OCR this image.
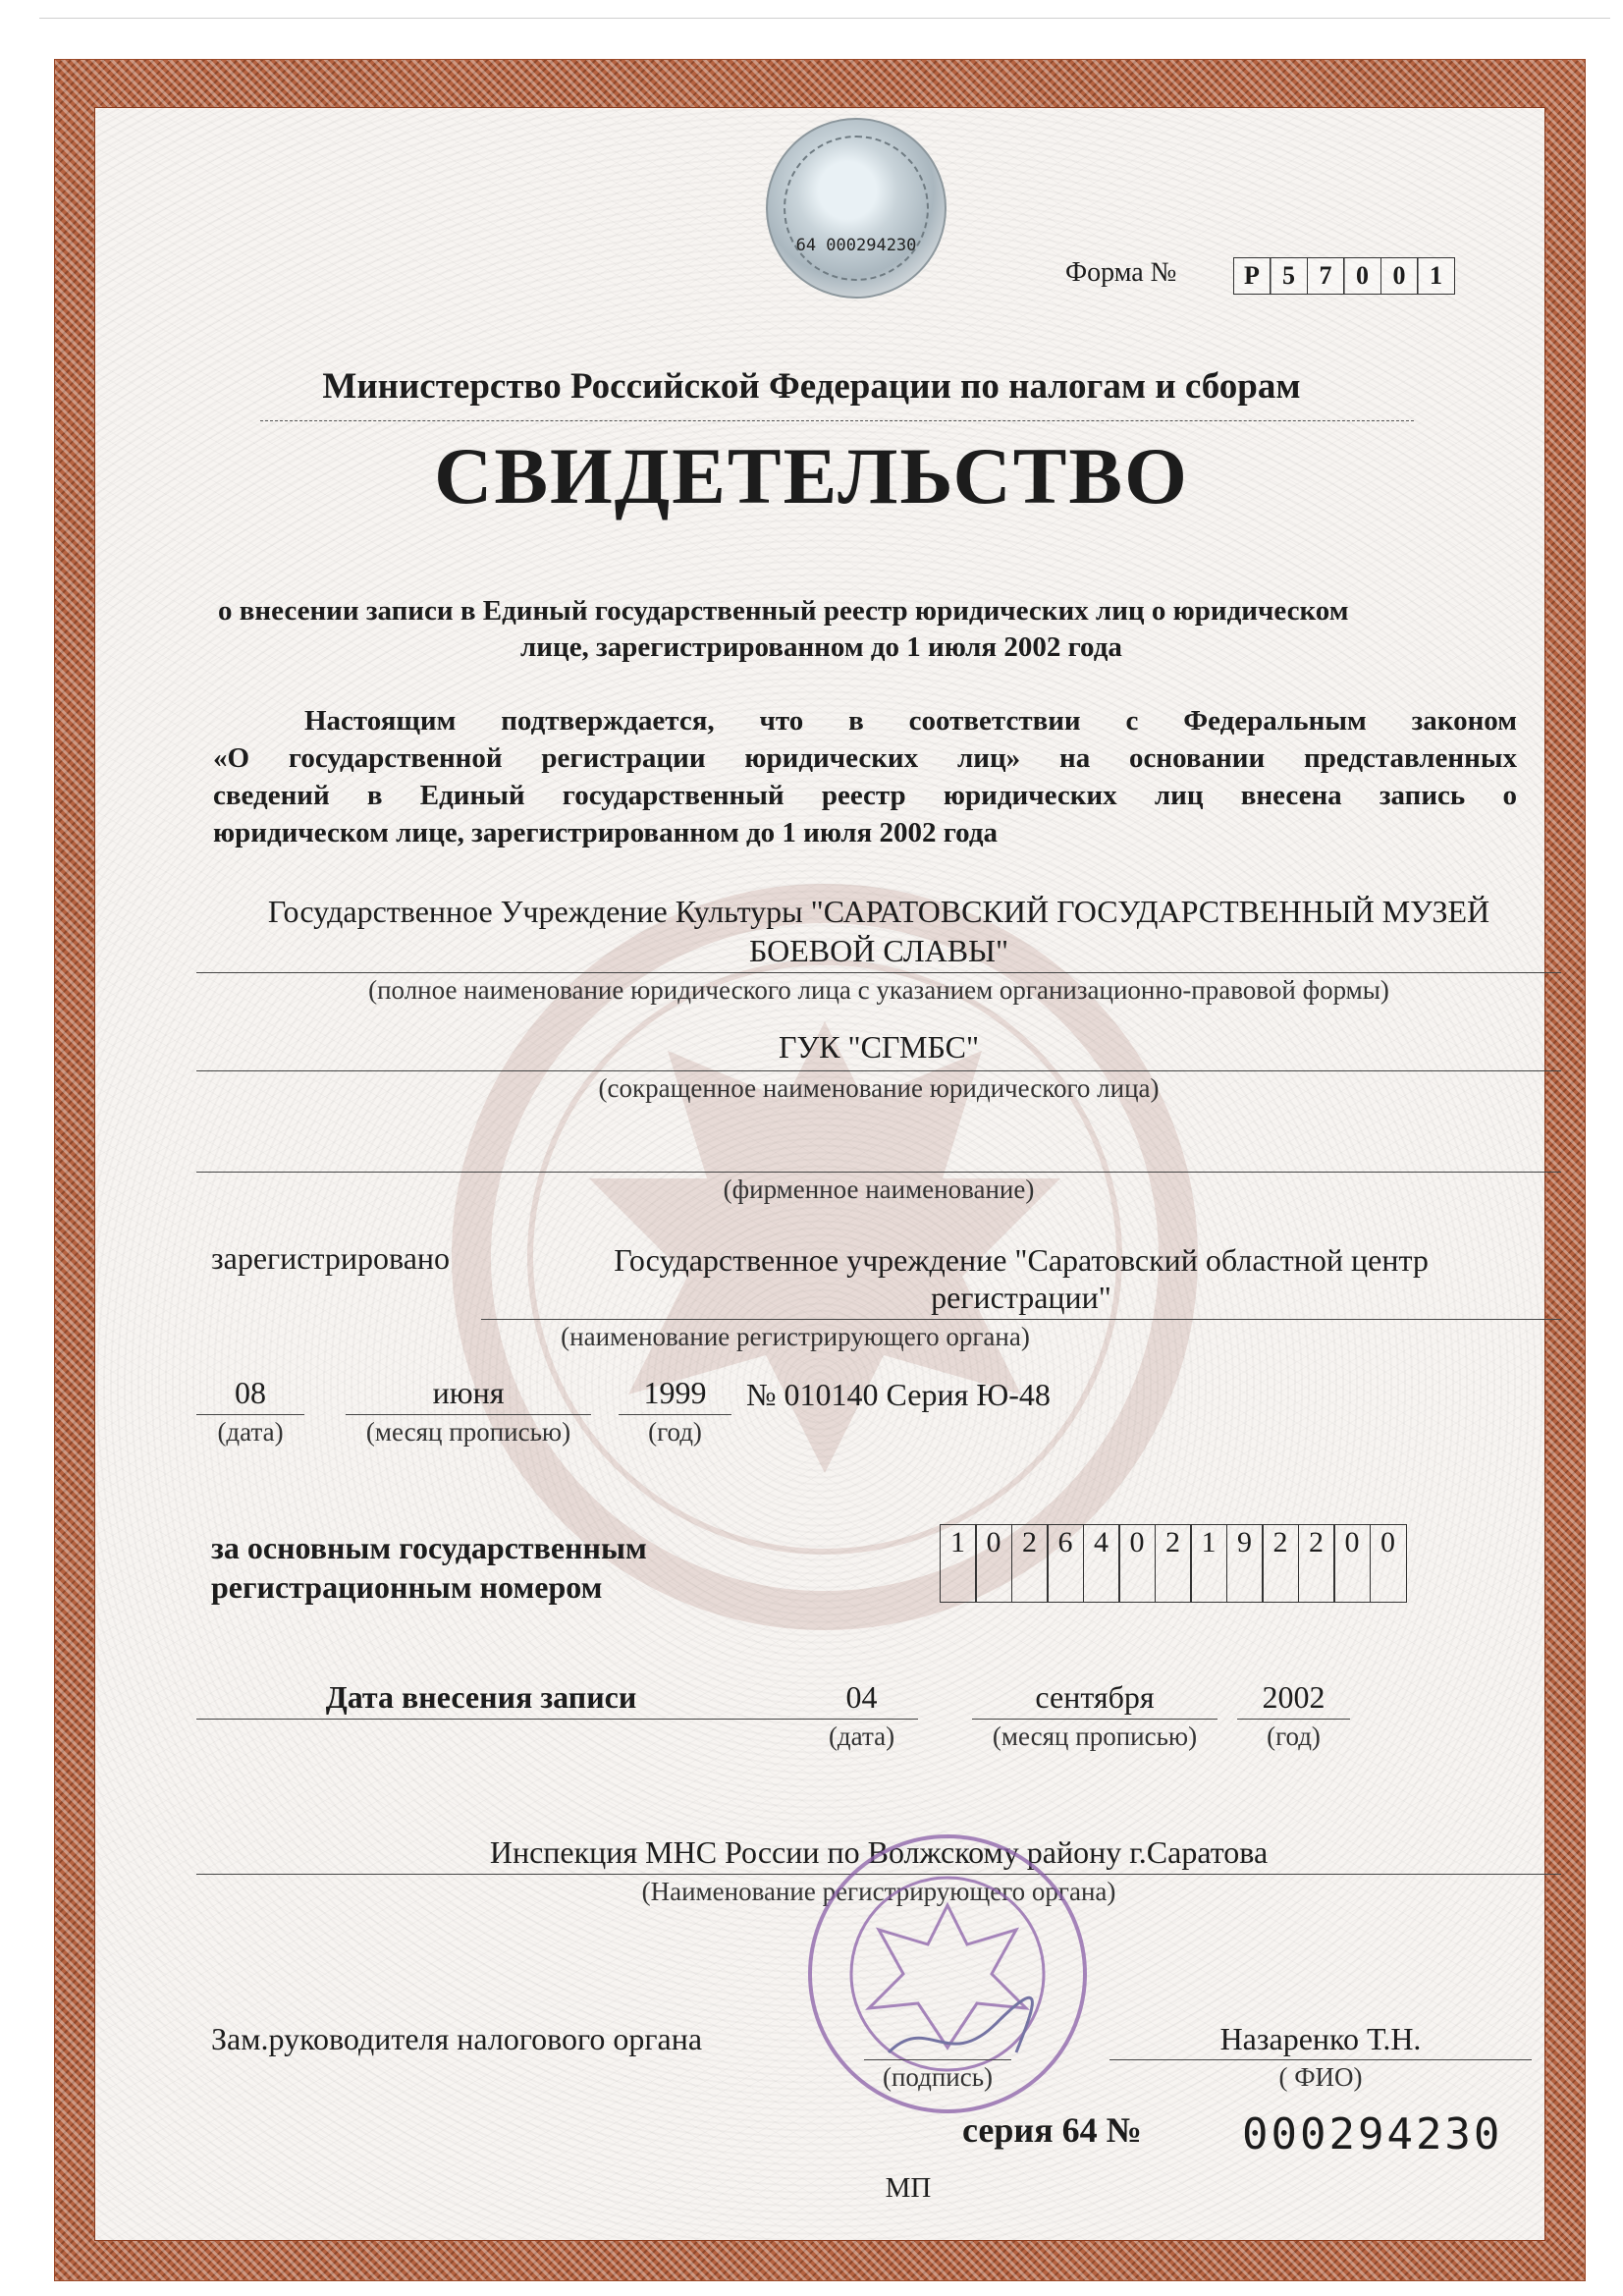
64 000294230
Форма №	Р 5 7 0 0 1
Министерство Российской Федерации по налогам и сборам
СВИДЕТЕЛЬСТВО
о внесении записи в Единый государственный реестр юридических лиц о юридическом
лице, зарегистрированном до 1 июля 2002 года
Настоящим подтверждается, что в соответствии с Федеральным законом
«О государственной регистрации юридических лиц» на основании представленных
сведений в Единый государственный реестр юридических лиц внесена запись о
юридическом лице, зарегистрированном до 1 июля 2002 года
Государственное Учреждение Культуры "САРАТОВСКИЙ ГОСУДАРСТВЕННЫЙ МУЗЕЙ
БОЕВОЙ СЛАВЫ"
(полное наименование юридического лица с указанием организационно-правовой формы)
ГУК "СГМБС"
(сокращенное наименование юридического лица)
(фирменное наименование)
зарегистрировано	Государственное учреждение "Саратовский областной центр
регистрации"
(наименование регистрирующего органа)
08
(дата)
июня
(месяц прописью)
1999
(год)
№ 010140 Серия Ю-48
за основным государственным
регистрационным номером
1 0 2 6 4 0 2 1 9 2 2 0 0
Дата внесения записи	04
(дата)
сентября
(месяц прописью)
2002
(год)
Инспекция МНС России по Волжскому району г.Саратова
(Наименование регистрирующего органа)
Зам.руководителя налогового органа
(подпись)
Назаренко Т.Н.
( ФИО)
серия 64 № 000294230
МП
